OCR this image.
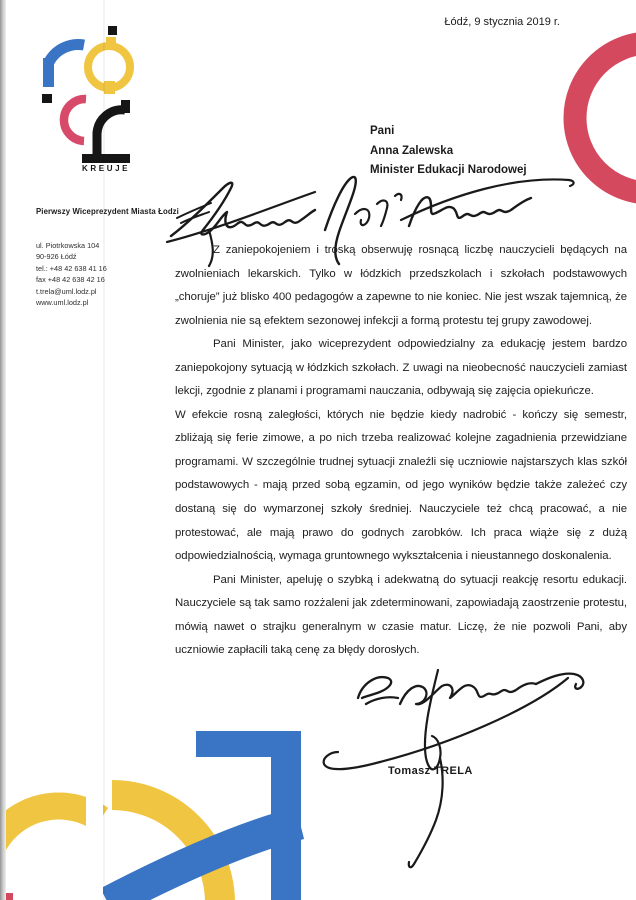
KREUJE
Łódź, 9 stycznia 2019 r.
Pani
Anna Zalewska
Minister Edukacji Narodowej
Pierwszy Wiceprezydent Miasta Łodzi
ul. Piotrkowska 104
90-926 Łódź
tel.: +48 42 638 41 16
fax +48 42 638 42 16
t.trela@uml.lodz.pl
www.uml.lodz.pl

Z zaniepokojeniem i troską obserwuję rosnącą liczbę nauczycieli będących na zwolnieniach lekarskich. Tylko w łódzkich przedszkolach i szkołach podstawowych „choruje” już blisko 400 pedagogów a zapewne to nie koniec. Nie jest wszak tajemnicą, że zwolnienia nie są efektem sezonowej infekcji a formą protestu tej grupy zawodowej.

Pani Minister, jako wiceprezydent odpowiedzialny za edukację jestem bardzo zaniepokojony sytuacją w łódzkich szkołach. Z uwagi na nieobecność nauczycieli zamiast lekcji, zgodnie z planami i programami nauczania, odbywają się zajęcia opiekuńcze.

W efekcie rosną zaległości, których nie będzie kiedy nadrobić - kończy się semestr, zbliżają się ferie zimowe, a po nich trzeba realizować kolejne zagadnienia przewidziane programami. W szczególnie trudnej sytuacji znaleźli się uczniowie najstarszych klas szkół podstawowych - mają przed sobą egzamin, od jego wyników będzie także zależeć czy dostaną się do wymarzonej szkoły średniej. Nauczyciele też chcą pracować, a nie protestować, ale mają prawo do godnych zarobków. Ich praca wiąże się z dużą odpowiedzialnością, wymaga gruntownego wykształcenia i nieustannego doskonalenia.

Pani Minister, apeluję o szybką i adekwatną do sytuacji reakcję resortu edukacji. Nauczyciele są tak samo rozżaleni jak zdeterminowani, zapowiadają zaostrzenie protestu, mówią nawet o strajku generalnym w czasie matur. Liczę, że nie pozwoli Pani, aby uczniowie zapłacili taką cenę za błędy dorosłych.

Tomasz TRELA
